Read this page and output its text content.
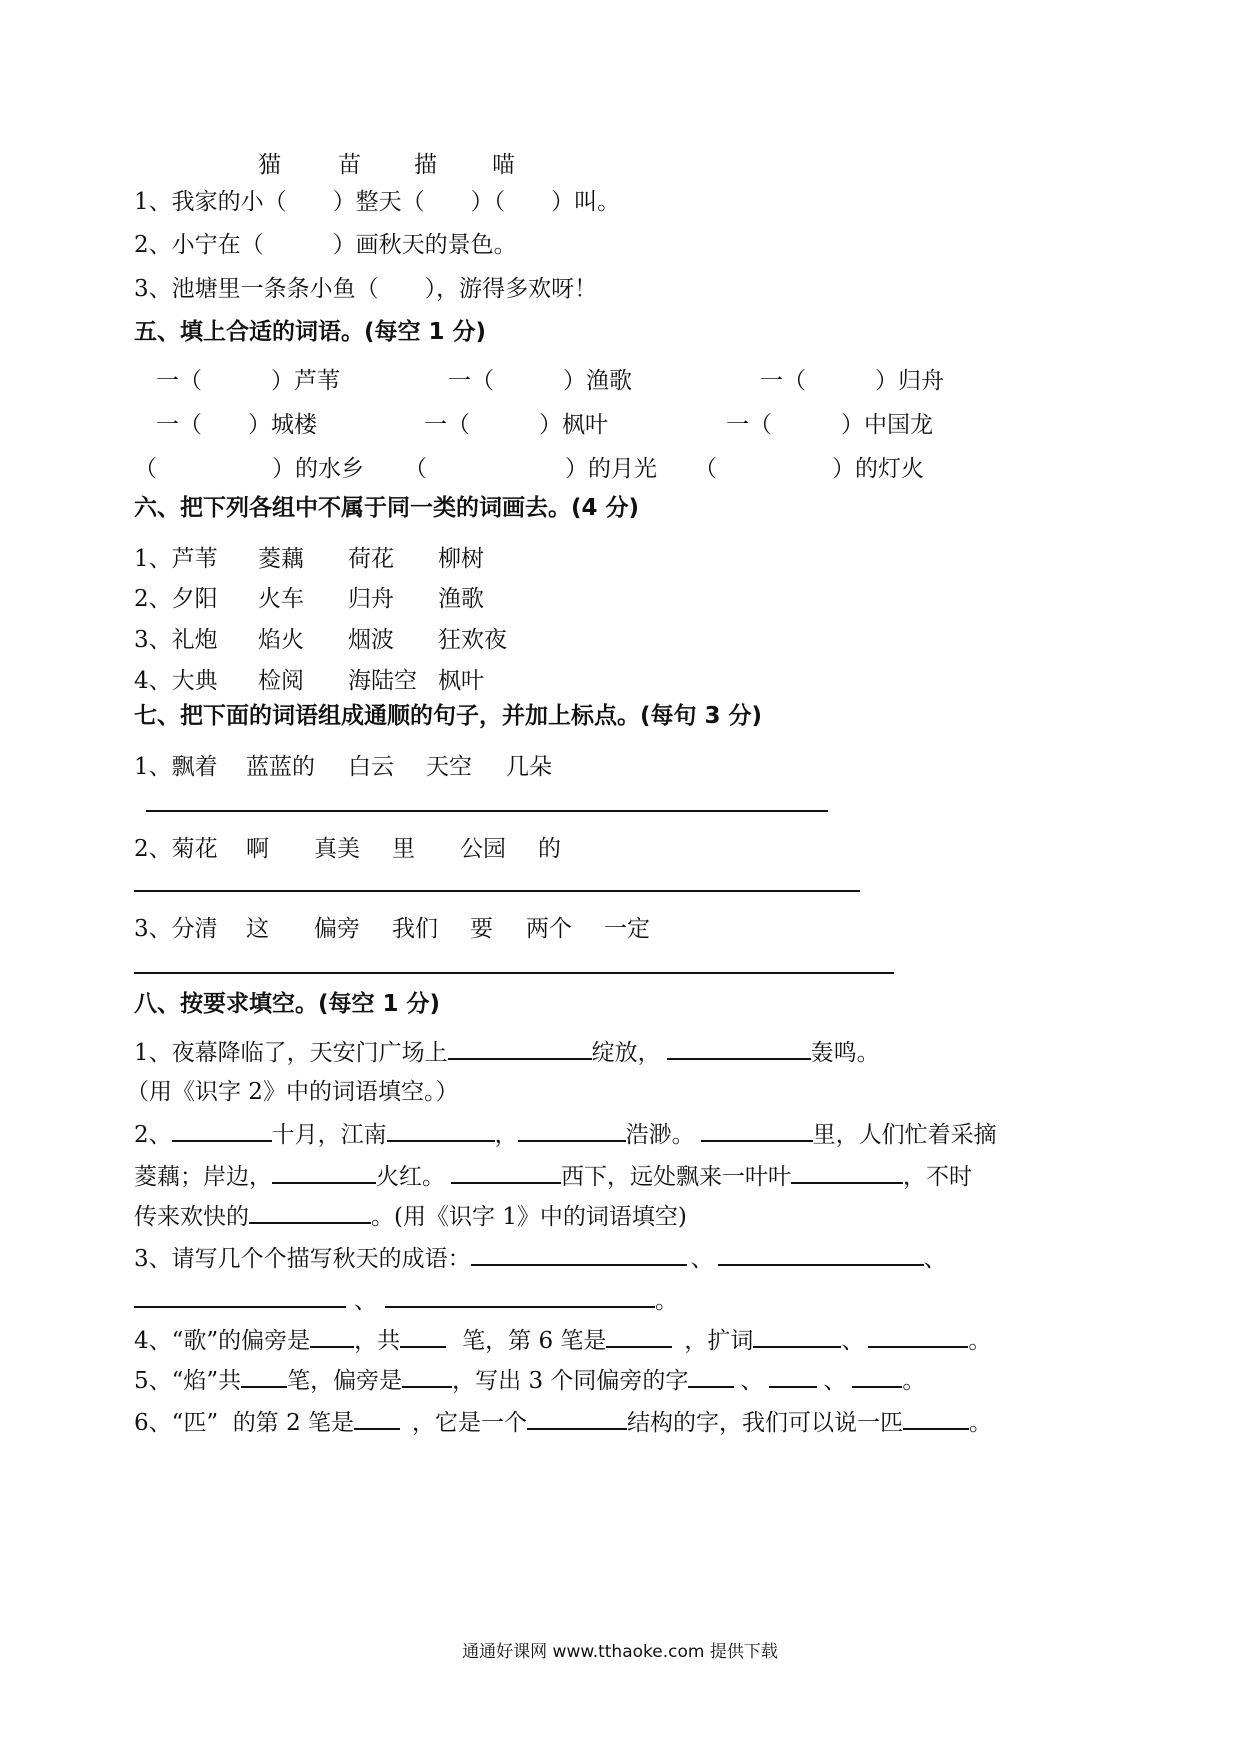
猫 苗 描 喵
1、我家的小（　　）整天（　　）（　　）叫。
2、小宁在（　　　）画秋天的景色。
3、池塘里一条条小鱼（　　），游得多欢呀！
五、填上合适的词语。(每空 1 分)
一（　　　）芦苇	一（　　　）渔歌	一（　　　）归舟
一（　　）城楼	一（　　　）枫叶	一（　　　）中国龙
（　　　　　）的水乡 （　　　　　　）的月光 （　　　　　）的灯火
六、把下列各组中不属于同一类的词画去。(4 分)
1、芦苇 菱藕 荷花 柳树
2、夕阳 火车 归舟 渔歌
3、礼炮 焰火 烟波 狂欢夜
4、大典 检阅 海陆空 枫叶
七、把下面的词语组成通顺的句子，并加上标点。(每句 3 分)
1、飘着 蓝蓝的 白云 天空 几朵
2、菊花 啊 真美 里 公园 的
3、分清 这 偏旁 我们 要 两个 一定
八、按要求填空。(每空 1 分)
1、夜幕降临了，天安门广场上	绽放，	轰鸣。
（用《识字 2》中的词语填空。）
2、	十月，江南	，	浩渺。	里，人们忙着采摘
菱藕；岸边，	火红。	西下，远处飘来一叶叶	，不时
传来欢快的	。(用《识字 1》中的词语填空)
3、请写几个个描写秋天的成语：	、	、
、	。
4、“歌”的偏旁是 ，共	笔，第 6 笔是	，扩词	、	。
5、“焰”共 笔，偏旁是 ，写出 3 个同偏旁的字 、	、 。
6、“匹”  的第 2 笔是	，它是一个	结构的字，我们可以说一匹	。
通通好课网 www.tthaoke.com 提供下载
